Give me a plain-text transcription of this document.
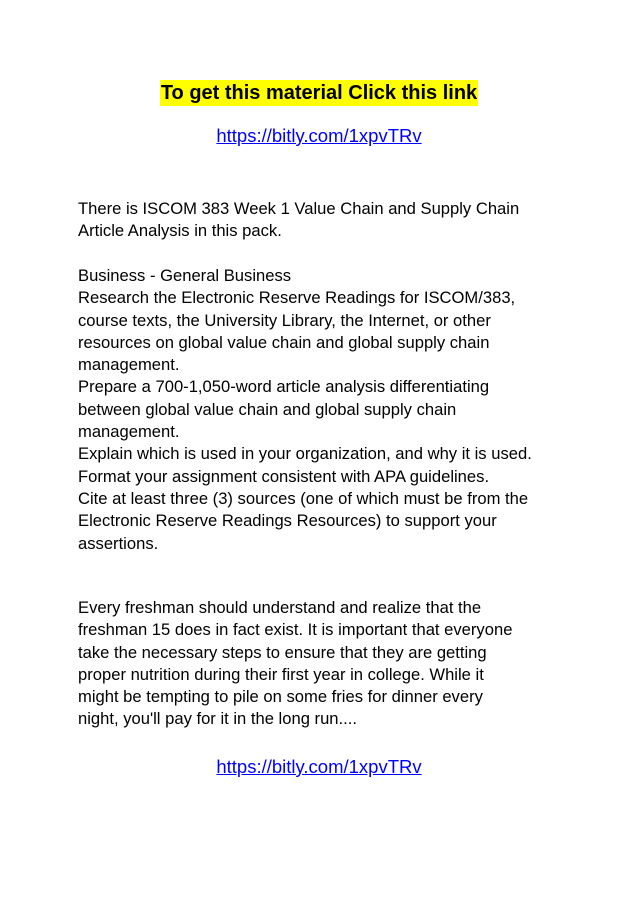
To get this material Click this link
https://bitly.com/1xpvTRv
There is ISCOM 383 Week 1 Value Chain and Supply Chain
Article Analysis in this pack.
Business - General Business
Research the Electronic Reserve Readings for ISCOM/383,
course texts, the University Library, the Internet, or other
resources on global value chain and global supply chain
management.
Prepare a 700-1,050-word article analysis differentiating
between global value chain and global supply chain
management.
Explain which is used in your organization, and why it is used.
Format your assignment consistent with APA guidelines.
Cite at least three (3) sources (one of which must be from the
Electronic Reserve Readings Resources) to support your
assertions.
Every freshman should understand and realize that the
freshman 15 does in fact exist. It is important that everyone
take the necessary steps to ensure that they are getting
proper nutrition during their first year in college. While it
might be tempting to pile on some fries for dinner every
night, you'll pay for it in the long run....
https://bitly.com/1xpvTRv
